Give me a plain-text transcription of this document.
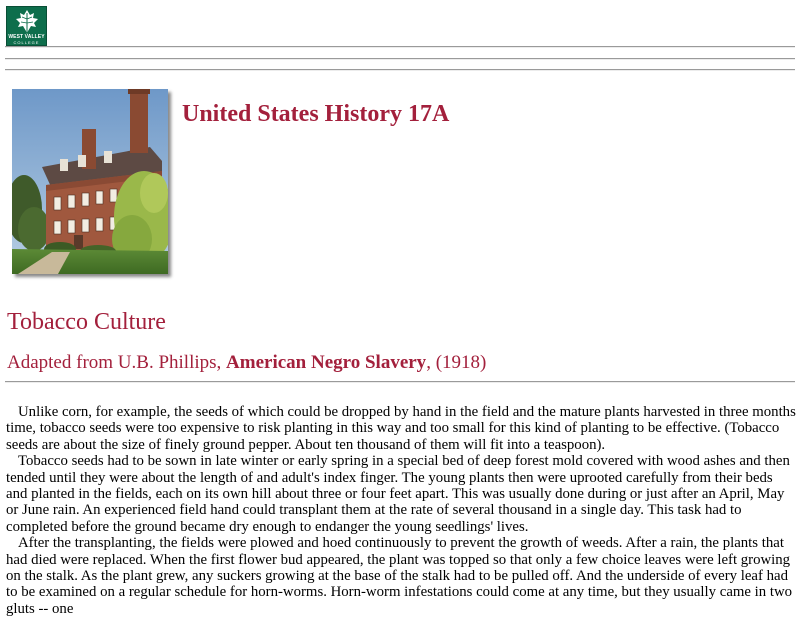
WEST VALLEY
COLLEGE
United States History 17A
Tobacco Culture
Adapted from U.B. Phillips, American Negro Slavery, (1918)

Unlike corn, for example, the seeds of which could be dropped by hand in the field and the mature plants harvested in three months time, tobacco seeds were too expensive to risk planting in this way and too small for this kind of planting to be effective. (Tobacco seeds are about the size of finely ground pepper. About ten thousand of them will fit into a teaspoon).

Tobacco seeds had to be sown in late winter or early spring in a special bed of deep forest mold covered with wood ashes and then tended until they were about the length of and adult's index finger. The young plants then were uprooted carefully from their beds and planted in the fields, each on its own hill about three or four feet apart. This was usually done during or just after an April, May or June rain. An experienced field hand could transplant them at the rate of several thousand in a single day. This task had to completed before the ground became dry enough to endanger the young seedlings' lives.

After the transplanting, the fields were plowed and hoed continuously to prevent the growth of weeds. After a rain, the plants that had died were replaced. When the first flower bud appeared, the plant was topped so that only a few choice leaves were left growing on the stalk. As the plant grew, any suckers growing at the base of the stalk had to be pulled off. And the underside of every leaf had to be examined on a regular schedule for horn-worms. Horn-worm infestations could come at any time, but they usually came in two gluts -- one
